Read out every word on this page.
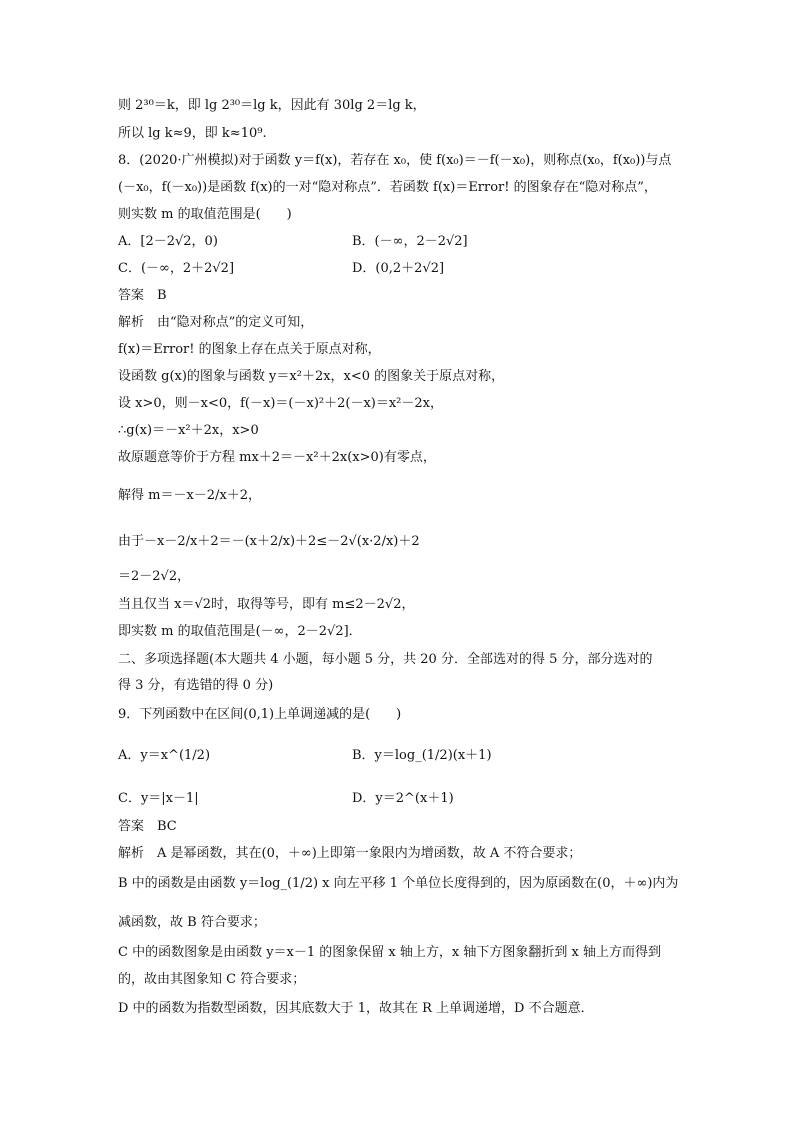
则 2³⁰＝k，即 lg 2³⁰＝lg k，因此有 30lg 2＝lg k，
所以 lg k≈9，即 k≈10⁹.
8．(2020·广州模拟)对于函数 y＝f(x)，若存在 x₀，使 f(x₀)＝－f(－x₀)，则称点(x₀，f(x₀))与点
(－x₀，f(－x₀))是函数 f(x)的一对“隐对称点”．若函数 f(x)＝Error! 的图象存在“隐对称点”，
则实数 m 的取值范围是(　　)
A．[2－2√2，0)	B．(－∞，2－2√2]
C．(－∞，2＋2√2]	D．(0,2＋2√2]
答案　B
解析　由“隐对称点”的定义可知，
f(x)＝Error! 的图象上存在点关于原点对称，
设函数 g(x)的图象与函数 y＝x²＋2x，x<0 的图象关于原点对称，
设 x>0，则－x<0，f(－x)＝(－x)²＋2(－x)＝x²－2x，
∴g(x)＝－x²＋2x，x>0
故原题意等价于方程 mx＋2＝－x²＋2x(x>0)有零点，
解得 m＝－x－2/x＋2，
由于－x－2/x＋2＝－(x＋2/x)＋2≤－2√(x·2/x)＋2
＝2－2√2，
当且仅当 x＝√2时，取得等号，即有 m≤2－2√2，
即实数 m 的取值范围是(－∞，2－2√2]．
二、多项选择题(本大题共 4 小题，每小题 5 分，共 20 分．全部选对的得 5 分，部分选对的
得 3 分，有选错的得 0 分)
9．下列函数中在区间(0,1)上单调递减的是(　　)
A．y＝x^(1/2)	B．y＝log_(1/2)(x＋1)
C．y＝|x－1|	D．y＝2^(x＋1)
答案　BC
解析　A 是幂函数，其在(0，＋∞)上即第一象限内为增函数，故 A 不符合要求；
B 中的函数是由函数 y＝log_(1/2) x 向左平移 1 个单位长度得到的，因为原函数在(0，＋∞)内为
减函数，故 B 符合要求；
C 中的函数图象是由函数 y＝x－1 的图象保留 x 轴上方，x 轴下方图象翻折到 x 轴上方而得到
的，故由其图象知 C 符合要求；
D 中的函数为指数型函数，因其底数大于 1，故其在 R 上单调递增，D 不合题意．
